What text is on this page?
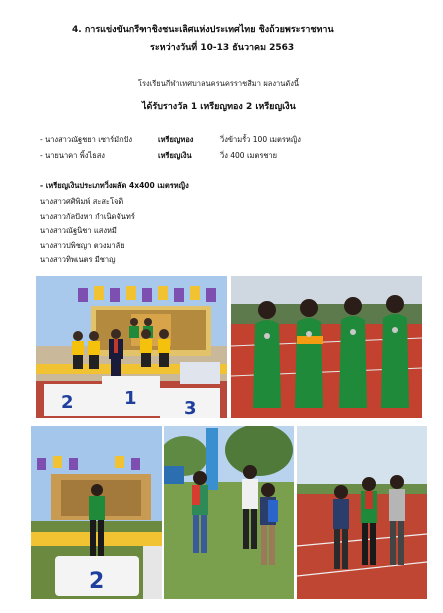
4. การแข่งขันกรีฑาชิงชนะเลิศแห่งประเทศไทย ชิงถ้วยพระราชทาน
ระหว่างวันที่ 10-13 ธันวาคม 2563
โรงเรียนกีฬาเทศบาลนครนครราชสีมา ผลงานดังนี้
ได้รับรางวัล 1 เหรียญทอง 2 เหรียญเงิน
- นางสาวณัฐชยา เซาร์มักปัง	เหรียญทอง	วิ่งข้ามรั้ว 100 เมตรหญิง
- นายนาคา พิ้งไธสง	เหรียญเงิน	วิ่ง 400 เมตรชาย
- เหรียญเงินประเภทวิ่งผลัด 4x400 เมตรหญิง
นางสาวศศิพิมพ์ สะสะโจดิ
นางสาวกัลปังหา กำเนิดจันทร์
นางสาวณัฐนิชา แสงหมี
นางสาวปพิชญา ตวงมาลัย
นางสาวทิพเนตร มีชาญ
2	1	3
2
